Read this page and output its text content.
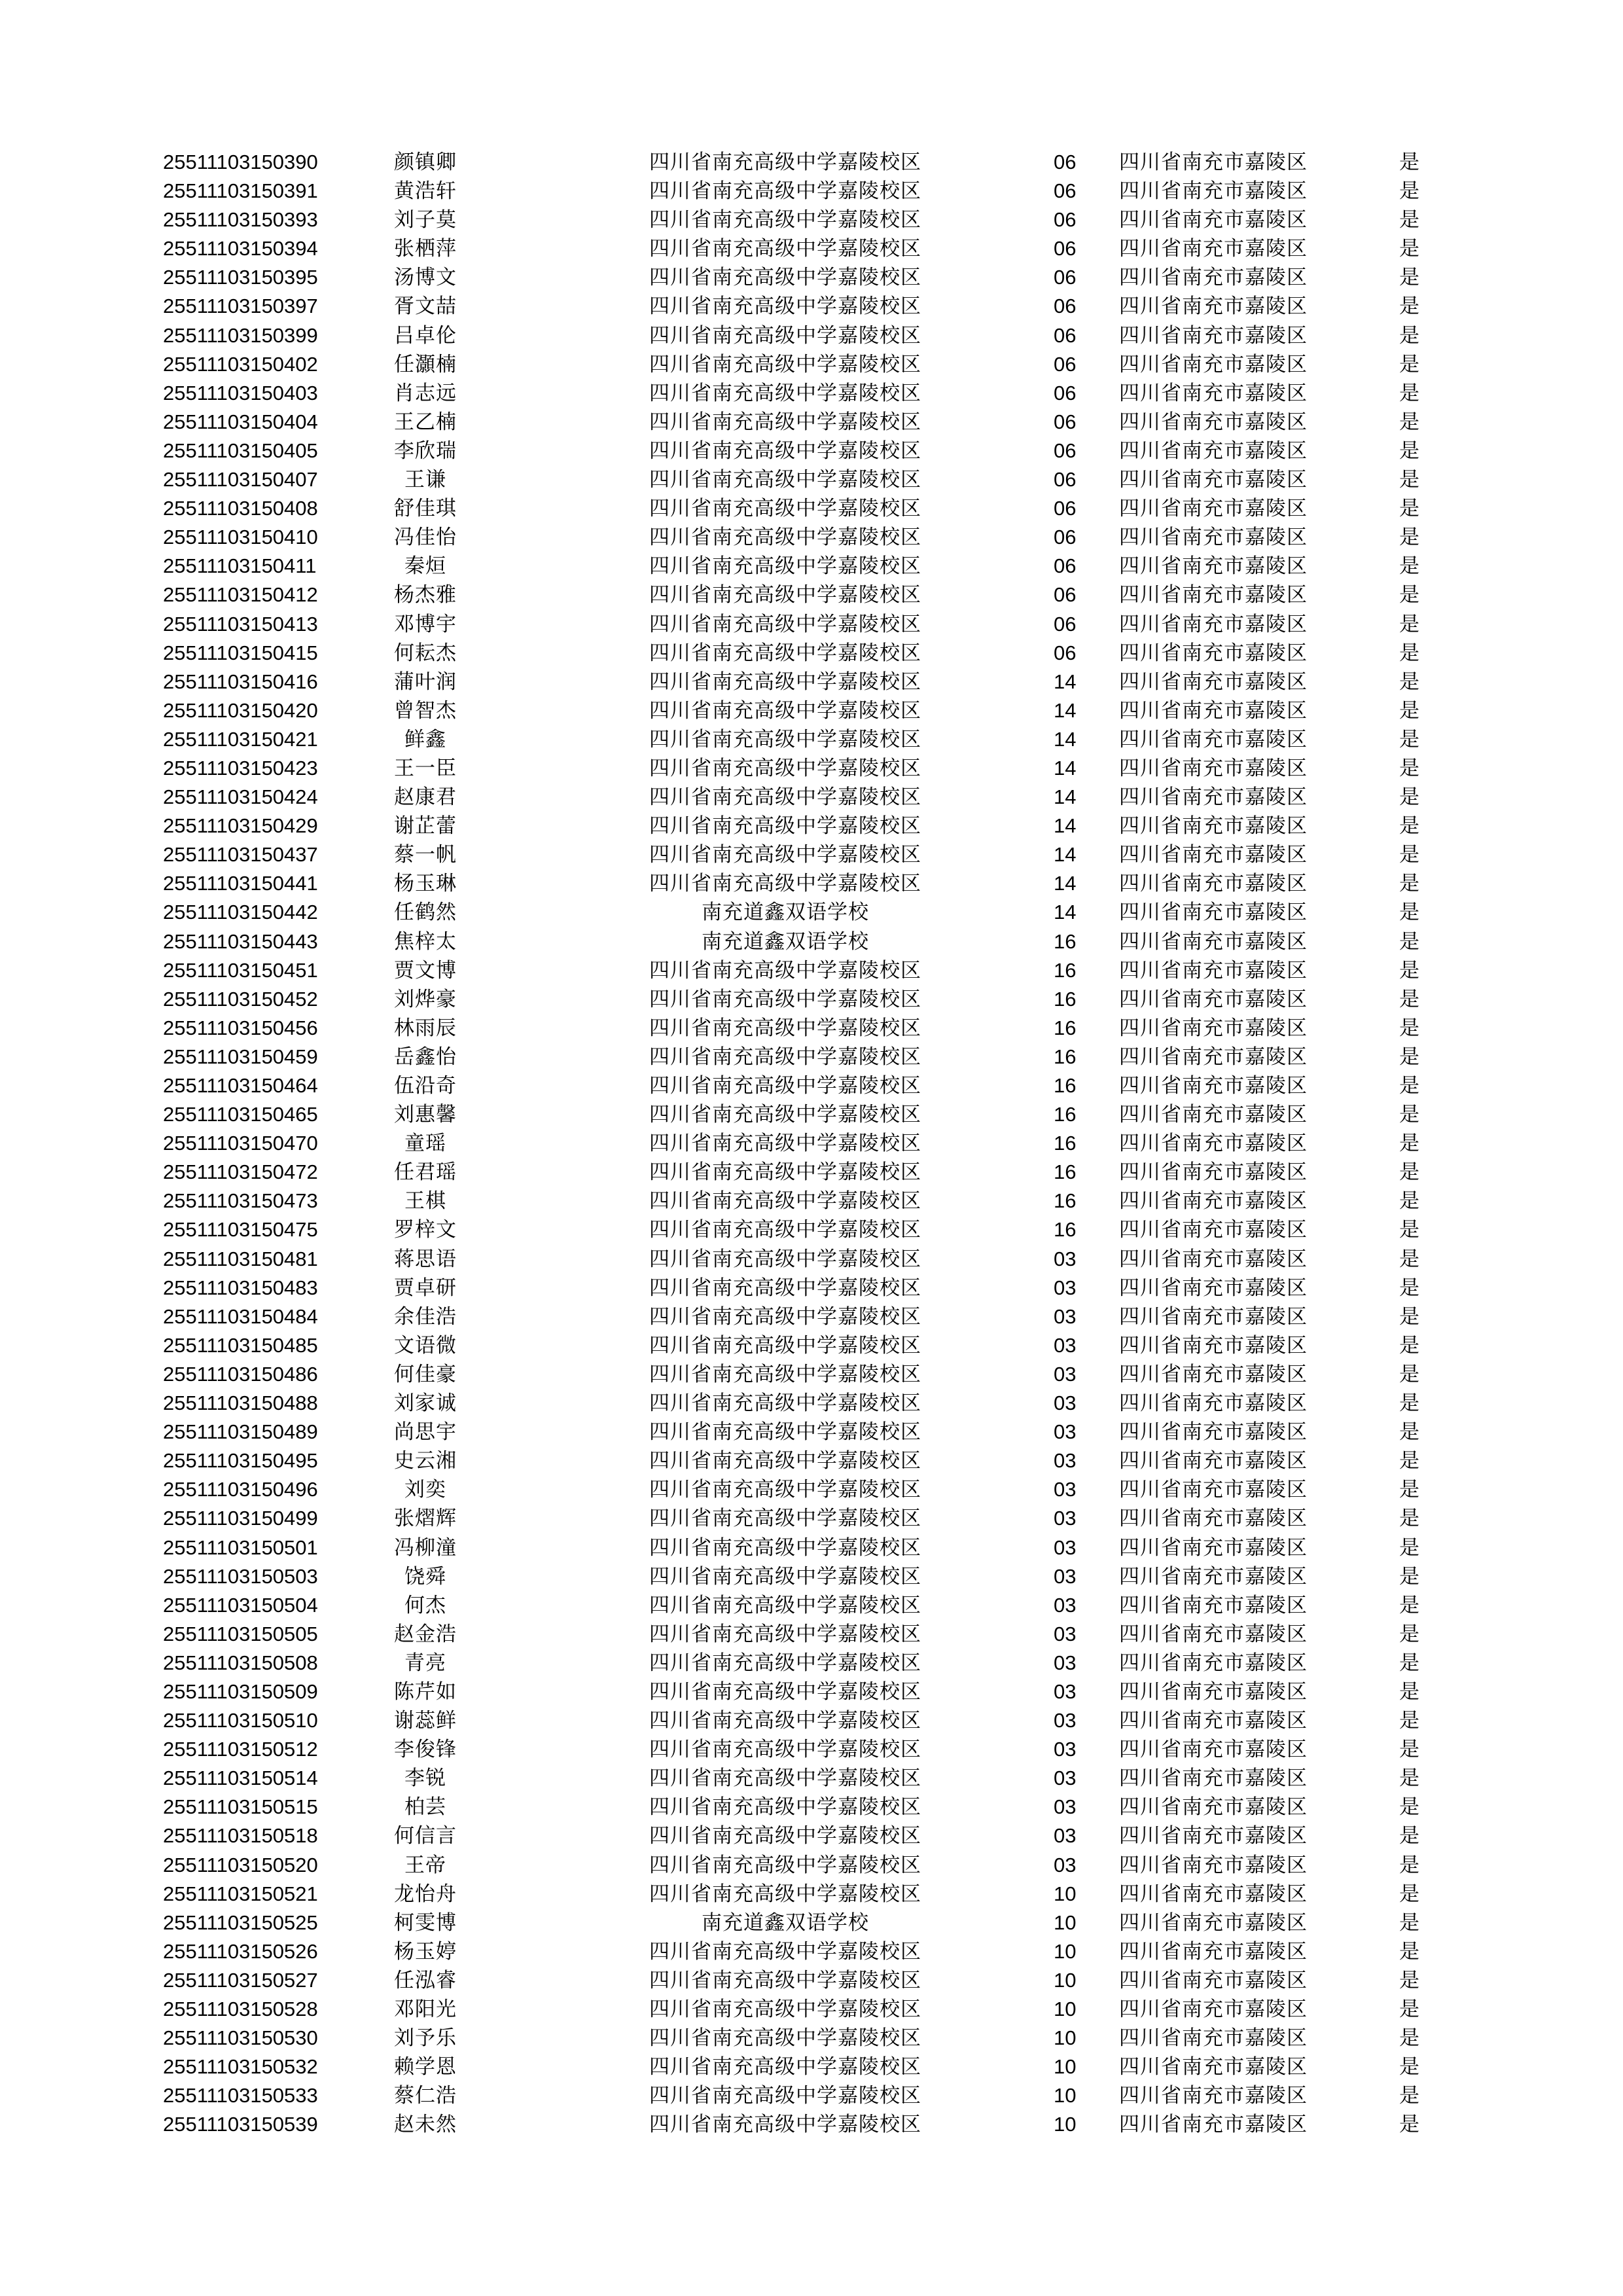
25511103150390	颜镇卿	四川省南充高级中学嘉陵校区	06	四川省南充市嘉陵区	是
25511103150391	黄浩轩	四川省南充高级中学嘉陵校区	06	四川省南充市嘉陵区	是
25511103150393	刘子莫	四川省南充高级中学嘉陵校区	06	四川省南充市嘉陵区	是
25511103150394	张栖萍	四川省南充高级中学嘉陵校区	06	四川省南充市嘉陵区	是
25511103150395	汤博文	四川省南充高级中学嘉陵校区	06	四川省南充市嘉陵区	是
25511103150397	胥文喆	四川省南充高级中学嘉陵校区	06	四川省南充市嘉陵区	是
25511103150399	吕卓伦	四川省南充高级中学嘉陵校区	06	四川省南充市嘉陵区	是
25511103150402	任灝楠	四川省南充高级中学嘉陵校区	06	四川省南充市嘉陵区	是
25511103150403	肖志远	四川省南充高级中学嘉陵校区	06	四川省南充市嘉陵区	是
25511103150404	王乙楠	四川省南充高级中学嘉陵校区	06	四川省南充市嘉陵区	是
25511103150405	李欣瑞	四川省南充高级中学嘉陵校区	06	四川省南充市嘉陵区	是
25511103150407	王谦	四川省南充高级中学嘉陵校区	06	四川省南充市嘉陵区	是
25511103150408	舒佳琪	四川省南充高级中学嘉陵校区	06	四川省南充市嘉陵区	是
25511103150410	冯佳怡	四川省南充高级中学嘉陵校区	06	四川省南充市嘉陵区	是
25511103150411	秦烜	四川省南充高级中学嘉陵校区	06	四川省南充市嘉陵区	是
25511103150412	杨杰雅	四川省南充高级中学嘉陵校区	06	四川省南充市嘉陵区	是
25511103150413	邓博宇	四川省南充高级中学嘉陵校区	06	四川省南充市嘉陵区	是
25511103150415	何耘杰	四川省南充高级中学嘉陵校区	06	四川省南充市嘉陵区	是
25511103150416	蒲叶润	四川省南充高级中学嘉陵校区	14	四川省南充市嘉陵区	是
25511103150420	曾智杰	四川省南充高级中学嘉陵校区	14	四川省南充市嘉陵区	是
25511103150421	鲜鑫	四川省南充高级中学嘉陵校区	14	四川省南充市嘉陵区	是
25511103150423	王一臣	四川省南充高级中学嘉陵校区	14	四川省南充市嘉陵区	是
25511103150424	赵康君	四川省南充高级中学嘉陵校区	14	四川省南充市嘉陵区	是
25511103150429	谢芷蕾	四川省南充高级中学嘉陵校区	14	四川省南充市嘉陵区	是
25511103150437	蔡一帆	四川省南充高级中学嘉陵校区	14	四川省南充市嘉陵区	是
25511103150441	杨玉琳	四川省南充高级中学嘉陵校区	14	四川省南充市嘉陵区	是
25511103150442	任鹤然	南充道鑫双语学校	14	四川省南充市嘉陵区	是
25511103150443	焦梓太	南充道鑫双语学校	16	四川省南充市嘉陵区	是
25511103150451	贾文博	四川省南充高级中学嘉陵校区	16	四川省南充市嘉陵区	是
25511103150452	刘烨豪	四川省南充高级中学嘉陵校区	16	四川省南充市嘉陵区	是
25511103150456	林雨辰	四川省南充高级中学嘉陵校区	16	四川省南充市嘉陵区	是
25511103150459	岳鑫怡	四川省南充高级中学嘉陵校区	16	四川省南充市嘉陵区	是
25511103150464	伍沿奇	四川省南充高级中学嘉陵校区	16	四川省南充市嘉陵区	是
25511103150465	刘惠馨	四川省南充高级中学嘉陵校区	16	四川省南充市嘉陵区	是
25511103150470	童瑶	四川省南充高级中学嘉陵校区	16	四川省南充市嘉陵区	是
25511103150472	任君瑶	四川省南充高级中学嘉陵校区	16	四川省南充市嘉陵区	是
25511103150473	王棋	四川省南充高级中学嘉陵校区	16	四川省南充市嘉陵区	是
25511103150475	罗梓文	四川省南充高级中学嘉陵校区	16	四川省南充市嘉陵区	是
25511103150481	蒋思语	四川省南充高级中学嘉陵校区	03	四川省南充市嘉陵区	是
25511103150483	贾卓研	四川省南充高级中学嘉陵校区	03	四川省南充市嘉陵区	是
25511103150484	余佳浩	四川省南充高级中学嘉陵校区	03	四川省南充市嘉陵区	是
25511103150485	文语微	四川省南充高级中学嘉陵校区	03	四川省南充市嘉陵区	是
25511103150486	何佳豪	四川省南充高级中学嘉陵校区	03	四川省南充市嘉陵区	是
25511103150488	刘家诚	四川省南充高级中学嘉陵校区	03	四川省南充市嘉陵区	是
25511103150489	尚思宇	四川省南充高级中学嘉陵校区	03	四川省南充市嘉陵区	是
25511103150495	史云湘	四川省南充高级中学嘉陵校区	03	四川省南充市嘉陵区	是
25511103150496	刘奕	四川省南充高级中学嘉陵校区	03	四川省南充市嘉陵区	是
25511103150499	张熠辉	四川省南充高级中学嘉陵校区	03	四川省南充市嘉陵区	是
25511103150501	冯柳潼	四川省南充高级中学嘉陵校区	03	四川省南充市嘉陵区	是
25511103150503	饶舜	四川省南充高级中学嘉陵校区	03	四川省南充市嘉陵区	是
25511103150504	何杰	四川省南充高级中学嘉陵校区	03	四川省南充市嘉陵区	是
25511103150505	赵金浩	四川省南充高级中学嘉陵校区	03	四川省南充市嘉陵区	是
25511103150508	青亮	四川省南充高级中学嘉陵校区	03	四川省南充市嘉陵区	是
25511103150509	陈芹如	四川省南充高级中学嘉陵校区	03	四川省南充市嘉陵区	是
25511103150510	谢蕊鲜	四川省南充高级中学嘉陵校区	03	四川省南充市嘉陵区	是
25511103150512	李俊锋	四川省南充高级中学嘉陵校区	03	四川省南充市嘉陵区	是
25511103150514	李锐	四川省南充高级中学嘉陵校区	03	四川省南充市嘉陵区	是
25511103150515	柏芸	四川省南充高级中学嘉陵校区	03	四川省南充市嘉陵区	是
25511103150518	何信言	四川省南充高级中学嘉陵校区	03	四川省南充市嘉陵区	是
25511103150520	王帝	四川省南充高级中学嘉陵校区	03	四川省南充市嘉陵区	是
25511103150521	龙怡舟	四川省南充高级中学嘉陵校区	10	四川省南充市嘉陵区	是
25511103150525	柯雯博	南充道鑫双语学校	10	四川省南充市嘉陵区	是
25511103150526	杨玉婷	四川省南充高级中学嘉陵校区	10	四川省南充市嘉陵区	是
25511103150527	任泓睿	四川省南充高级中学嘉陵校区	10	四川省南充市嘉陵区	是
25511103150528	邓阳光	四川省南充高级中学嘉陵校区	10	四川省南充市嘉陵区	是
25511103150530	刘予乐	四川省南充高级中学嘉陵校区	10	四川省南充市嘉陵区	是
25511103150532	赖学恩	四川省南充高级中学嘉陵校区	10	四川省南充市嘉陵区	是
25511103150533	蔡仁浩	四川省南充高级中学嘉陵校区	10	四川省南充市嘉陵区	是
25511103150539	赵未然	四川省南充高级中学嘉陵校区	10	四川省南充市嘉陵区	是
